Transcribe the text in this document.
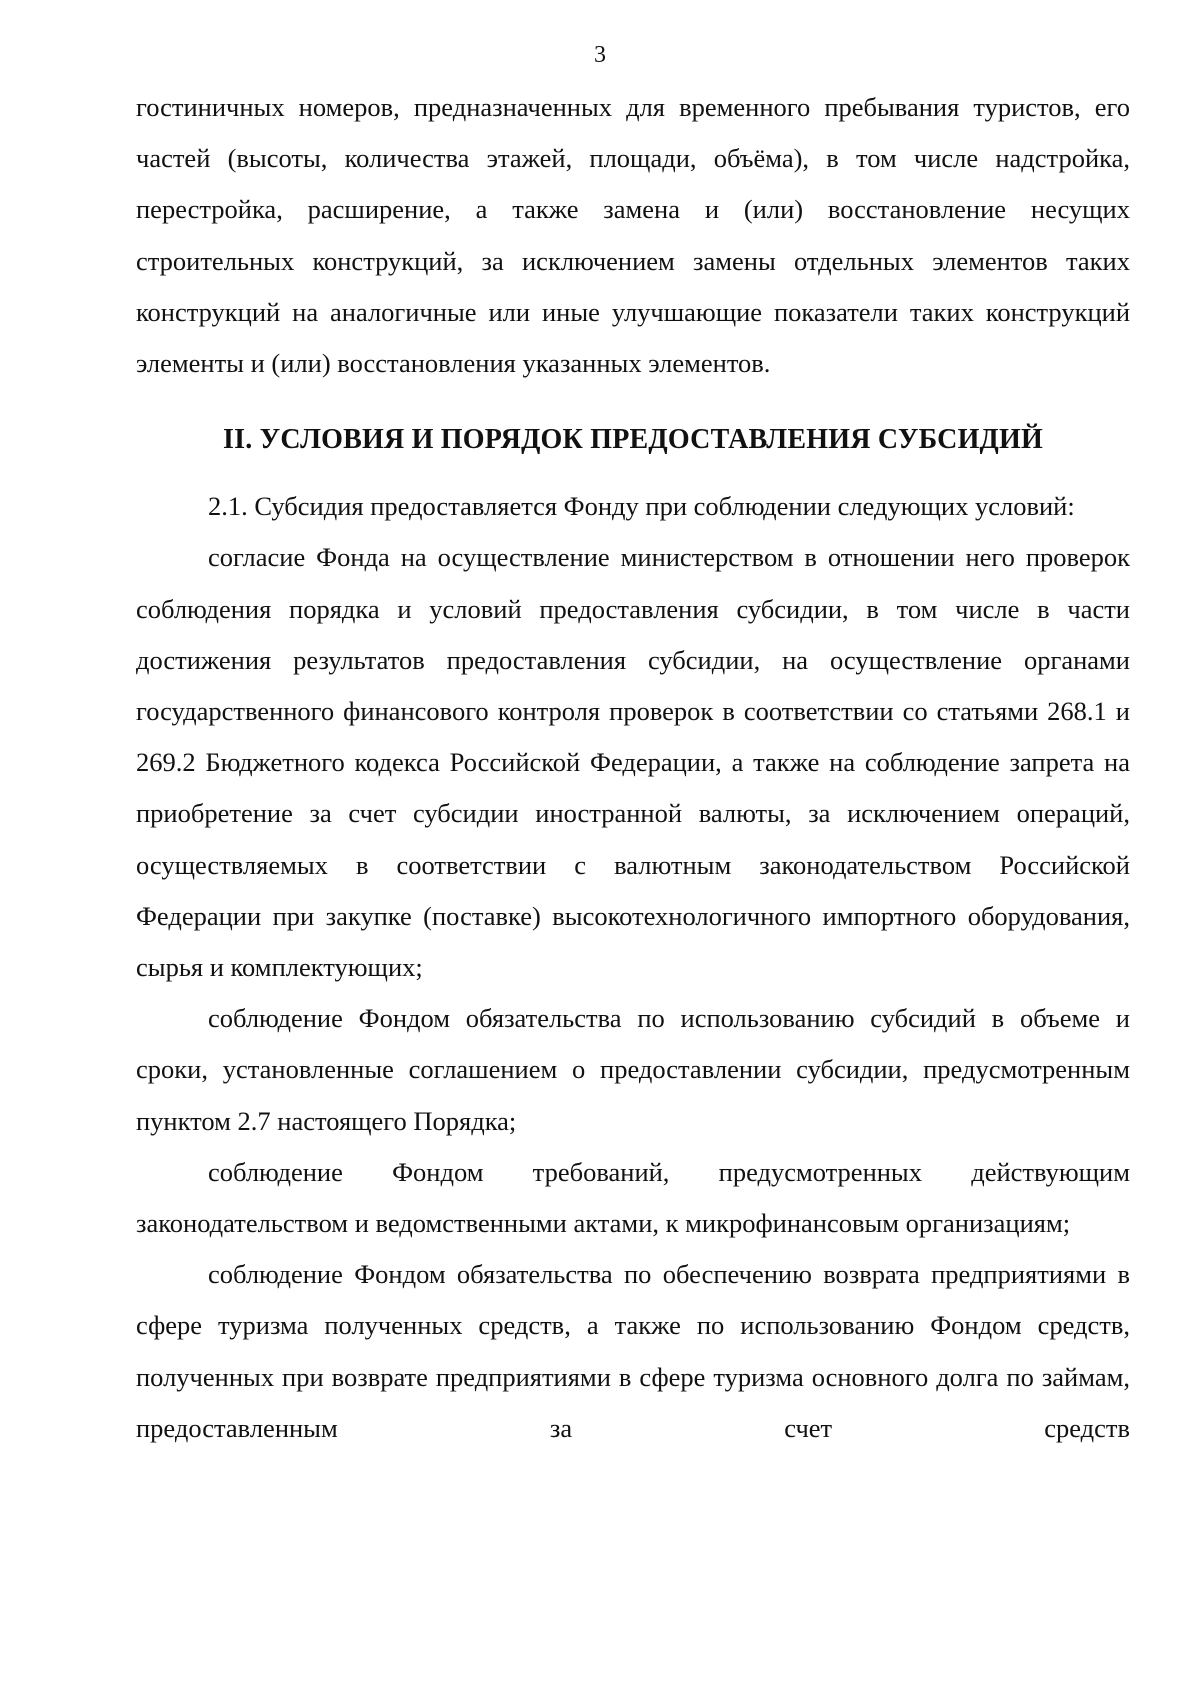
3

гостиничных номеров, предназначенных для временного пребывания туристов, его частей (высоты, количества этажей, площади, объёма), в том числе надстройка, перестройка, расширение, а также замена и (или) восстановление несущих строительных конструкций, за исключением замены отдельных элементов таких конструкций на аналогичные или иные улучшающие показатели таких конструкций элементы и (или) восстановления указанных элементов.

II. УСЛОВИЯ И ПОРЯДОК ПРЕДОСТАВЛЕНИЯ СУБСИДИЙ

2.1. Субсидия предоставляется Фонду при соблюдении следующих условий:

согласие Фонда на осуществление министерством в отношении него проверок соблюдения порядка и условий предоставления субсидии, в том числе в части достижения результатов предоставления субсидии, на осуществление органами государственного финансового контроля проверок в соответствии со статьями 268.1 и 269.2 Бюджетного кодекса Российской Федерации, а также на соблюдение запрета на приобретение за счет субсидии иностранной валюты, за исключением операций, осуществляемых в соответствии с валютным законодательством Российской Федерации при закупке (поставке) высокотехнологичного импортного оборудования, сырья и комплектующих;

соблюдение Фондом обязательства по использованию субсидий в объеме и сроки, установленные соглашением о предоставлении субсидии, предусмотренным пунктом 2.7 настоящего Порядка;

соблюдение Фондом требований, предусмотренных действующим законодательством и ведомственными актами, к микрофинансовым организациям;

соблюдение Фондом обязательства по обеспечению возврата предприятиями в сфере туризма полученных средств, а также по использованию Фондом средств, полученных при возврате предприятиями в сфере туризма основного долга по займам, предоставленным за счет средств
